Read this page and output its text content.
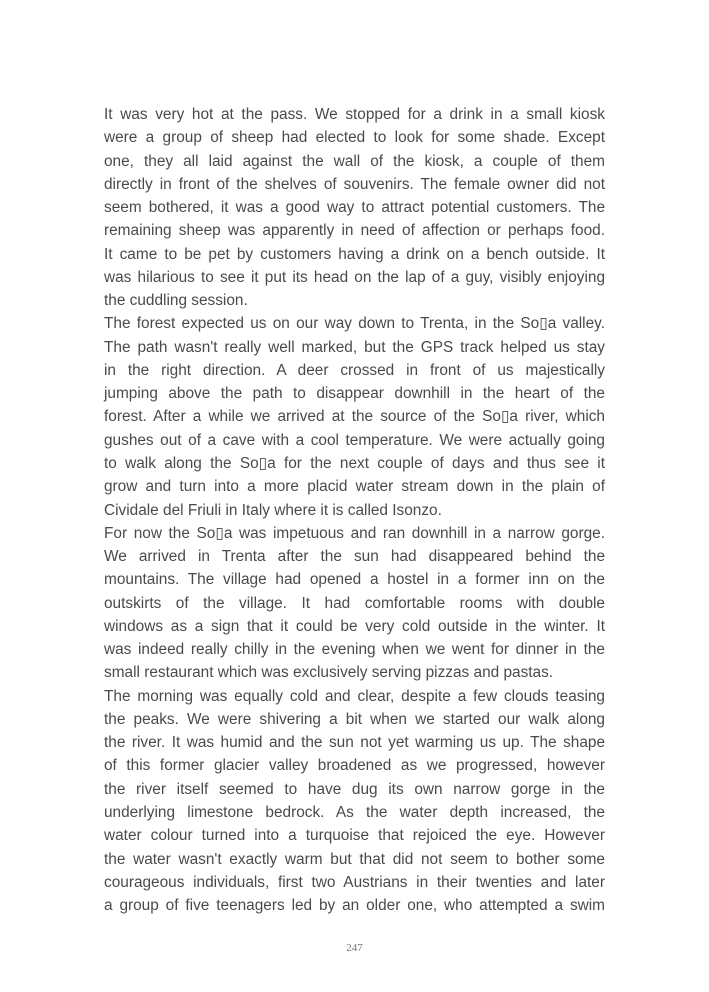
It was very hot at the pass. We stopped for a drink in a small kiosk
were a group of sheep had elected to look for some shade. Except
one, they all laid against the wall of the kiosk, a couple of them
directly in front of the shelves of souvenirs. The female owner did not
seem bothered, it was a good way to attract potential customers. The
remaining sheep was apparently in need of affection or perhaps food.
It came to be pet by customers having a drink on a bench outside. It
was hilarious to see it put its head on the lap of a guy, visibly enjoying
the cuddling session.
The forest expected us on our way down to Trenta, in the So▯a valley.
The path wasn't really well marked, but the GPS track helped us stay
in the right direction. A deer crossed in front of us majestically
jumping above the path to disappear downhill in the heart of the
forest. After a while we arrived at the source of the So▯a river, which
gushes out of a cave with a cool temperature. We were actually going
to walk along the So▯a for the next couple of days and thus see it
grow and turn into a more placid water stream down in the plain of
Cividale del Friuli in Italy where it is called Isonzo.
For now the So▯a was impetuous and ran downhill in a narrow gorge.
We arrived in Trenta after the sun had disappeared behind the
mountains. The village had opened a hostel in a former inn on the
outskirts of the village. It had comfortable rooms with double
windows as a sign that it could be very cold outside in the winter. It
was indeed really chilly in the evening when we went for dinner in the
small restaurant which was exclusively serving pizzas and pastas.
The morning was equally cold and clear, despite a few clouds teasing
the peaks. We were shivering a bit when we started our walk along
the river. It was humid and the sun not yet warming us up. The shape
of this former glacier valley broadened as we progressed, however
the river itself seemed to have dug its own narrow gorge in the
underlying limestone bedrock. As the water depth increased, the
water colour turned into a turquoise that rejoiced the eye. However
the water wasn't exactly warm but that did not seem to bother some
courageous individuals, first two Austrians in their twenties and later
a group of five teenagers led by an older one, who attempted a swim
247
